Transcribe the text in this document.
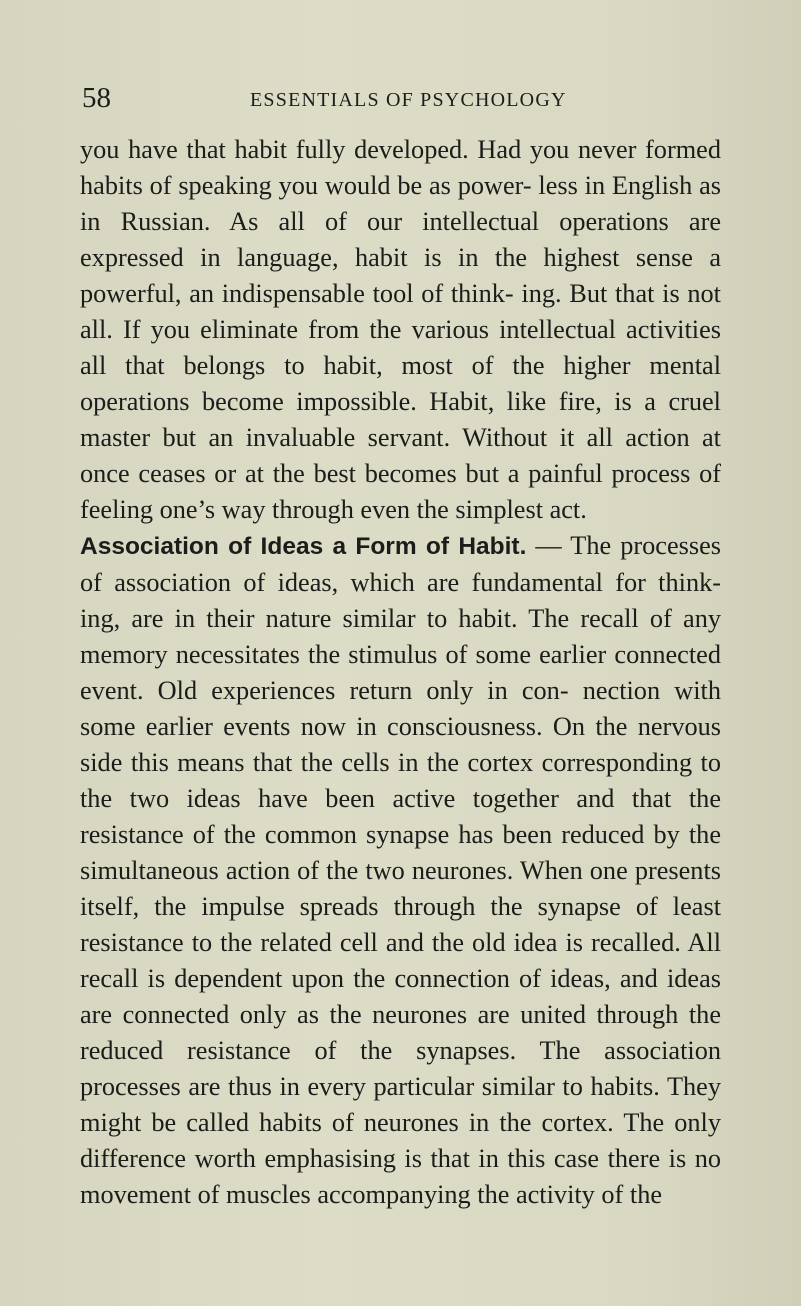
58	ESSENTIALS OF PSYCHOLOGY

you have that habit fully developed. Had you never formed habits of speaking you would be as power- less in English as in Russian. As all of our intellectual operations are expressed in language, habit is in the highest sense a powerful, an indispensable tool of think- ing. But that is not all. If you eliminate from the various intellectual activities all that belongs to habit, most of the higher mental operations become impossible. Habit, like fire, is a cruel master but an invaluable servant. Without it all action at once ceases or at the best becomes but a painful process of feeling one’s way through even the simplest act.

Association of Ideas a Form of Habit. — The processes of association of ideas, which are fundamental for think- ing, are in their nature similar to habit. The recall of any memory necessitates the stimulus of some earlier connected event. Old experiences return only in con- nection with some earlier events now in consciousness. On the nervous side this means that the cells in the cortex corresponding to the two ideas have been active together and that the resistance of the common synapse has been reduced by the simultaneous action of the two neurones. When one presents itself, the impulse spreads through the synapse of least resistance to the related cell and the old idea is recalled. All recall is dependent upon the connection of ideas, and ideas are connected only as the neurones are united through the reduced resistance of the synapses. The association processes are thus in every particular similar to habits. They might be called habits of neurones in the cortex. The only difference worth emphasising is that in this case there is no movement of muscles accompanying the activity of the
